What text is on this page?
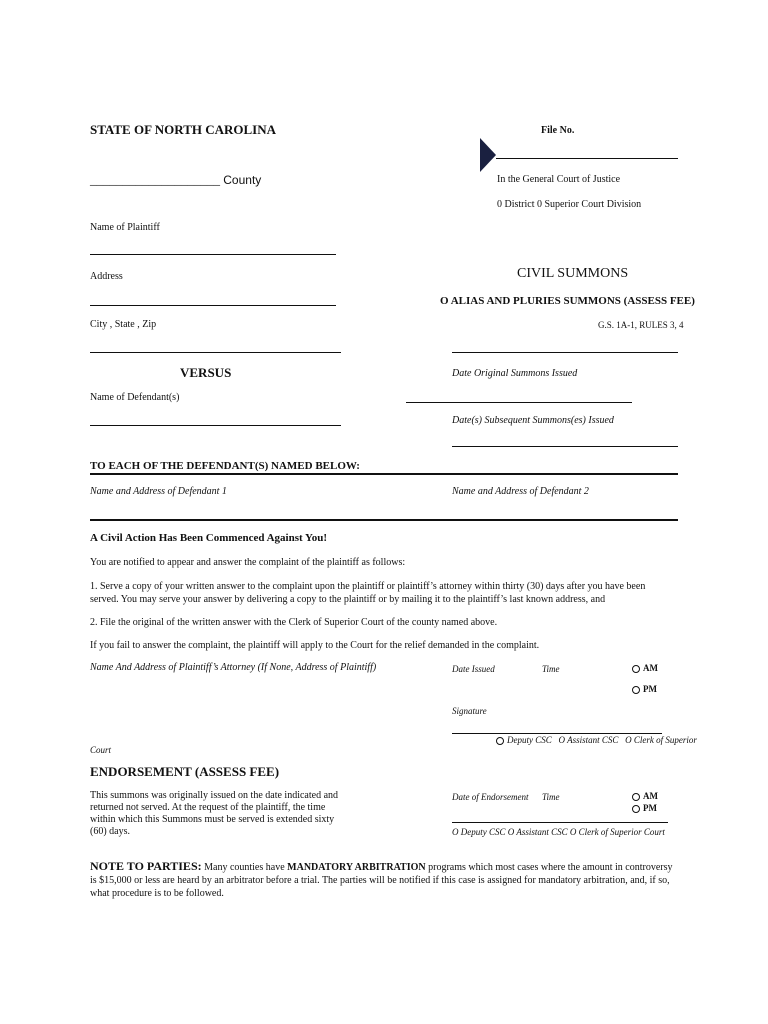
STATE OF NORTH CAROLINA	File No.
____________________ County	In the General Court of Justice
0 District 0 Superior Court Division
Name of Plaintiff
Address
City , State , Zip
VERSUS
Name of Defendant(s)
CIVIL SUMMONS
O ALIAS AND PLURIES SUMMONS (ASSESS FEE)
G.S. 1A-1, RULES 3, 4
Date Original Summons Issued
Date(s) Subsequent Summons(es) Issued
TO EACH OF THE DEFENDANT(S) NAMED BELOW:
Name and Address of Defendant 1	Name and Address of Defendant 2
A Civil Action Has Been Commenced Against You!
You are notified to appear and answer the complaint of the plaintiff as follows:
1. Serve a copy of your written answer to the complaint upon the plaintiff or plaintiff’s attorney within thirty (30) days after you have been served. You may serve your answer by delivering a copy to the plaintiff or by mailing it to the plaintiff’s last known address, and
2. File the original of the written answer with the Clerk of Superior Court of the county named above.
If you fail to answer the complaint, the plaintiff will apply to the Court for the relief demanded in the complaint.
Name And Address of Plaintiff’s Attorney (If None, Address of Plaintiff)	Date Issued	Time	AM
PM
Signature
Deputy CSC O Assistant CSC O Clerk of Superior
Court
ENDORSEMENT (ASSESS FEE)
This summons was originally issued on the date indicated and returned not served. At the request of the plaintiff, the time within which this Summons must be served is extended sixty (60) days.
Date of Endorsement Time	AM
PM
O Deputy CSC O Assistant CSC O Clerk of Superior Court
NOTE TO PARTIES: Many counties have MANDATORY ARBITRATION programs which most cases where the amount in controversy is $15,000 or less are heard by an arbitrator before a trial. The parties will be notified if this case is assigned for mandatory arbitration, and, if so, what procedure is to be followed.
